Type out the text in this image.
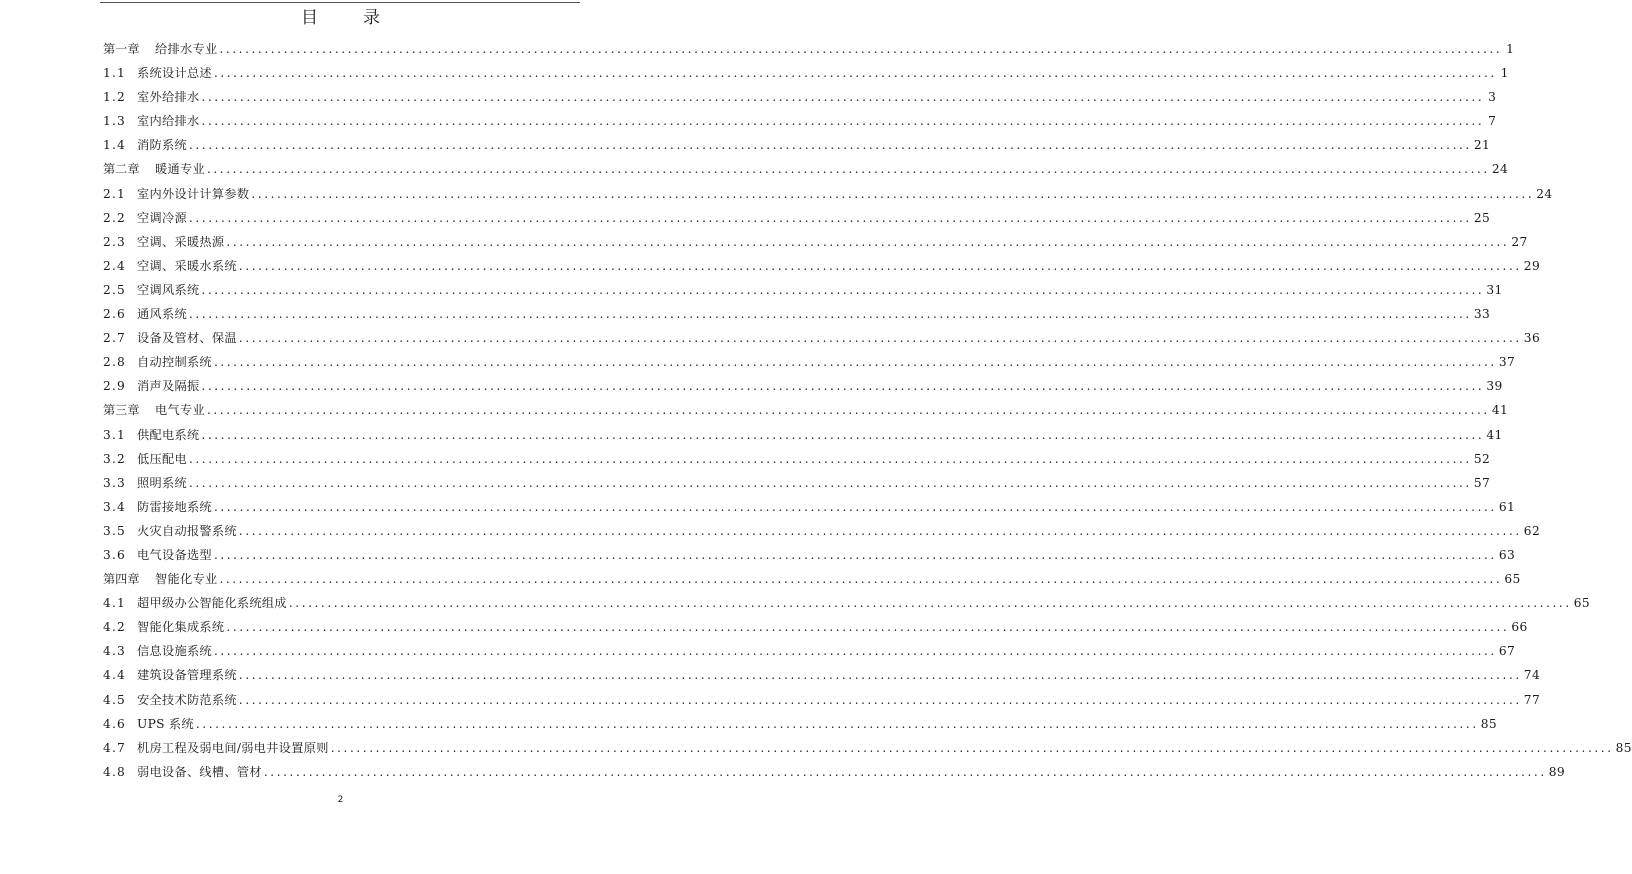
目　录
第一章	给排水专业 ........................................................................................................................................................................................................ 1
1.1 系统设计总述 ........................................................................................................................................................................................................ 1
1.2 室外给排水 ........................................................................................................................................................................................................ 3
1.3 室内给排水 ........................................................................................................................................................................................................ 7
1.4 消防系统 ........................................................................................................................................................................................................ 21
第二章	暖通专业 ........................................................................................................................................................................................................ 24
2.1 室内外设计计算参数 ........................................................................................................................................................................................................ 24
2.2 空调冷源 ........................................................................................................................................................................................................ 25
2.3 空调、采暖热源 ........................................................................................................................................................................................................ 27
2.4 空调、采暖水系统 ........................................................................................................................................................................................................ 29
2.5 空调风系统 ........................................................................................................................................................................................................ 31
2.6 通风系统 ........................................................................................................................................................................................................ 33
2.7 设备及管材、保温 ........................................................................................................................................................................................................ 36
2.8 自动控制系统 ........................................................................................................................................................................................................ 37
2.9 消声及隔振 ........................................................................................................................................................................................................ 39
第三章	电气专业 ........................................................................................................................................................................................................ 41
3.1 供配电系统 ........................................................................................................................................................................................................ 41
3.2 低压配电 ........................................................................................................................................................................................................ 52
3.3 照明系统 ........................................................................................................................................................................................................ 57
3.4 防雷接地系统 ........................................................................................................................................................................................................ 61
3.5 火灾自动报警系统 ........................................................................................................................................................................................................ 62
3.6 电气设备选型 ........................................................................................................................................................................................................ 63
第四章	智能化专业 ........................................................................................................................................................................................................ 65
4.1 超甲级办公智能化系统组成 ........................................................................................................................................................................................................ 65
4.2 智能化集成系统 ........................................................................................................................................................................................................ 66
4.3 信息设施系统 ........................................................................................................................................................................................................ 67
4.4 建筑设备管理系统 ........................................................................................................................................................................................................ 74
4.5 安全技术防范系统 ........................................................................................................................................................................................................ 77
4.6 UPS 系统 ........................................................................................................................................................................................................ 85
4.7 机房工程及弱电间/弱电井设置原则 ........................................................................................................................................................................................................ 85
4.8 弱电设备、线槽、管材 ........................................................................................................................................................................................................ 89
2
